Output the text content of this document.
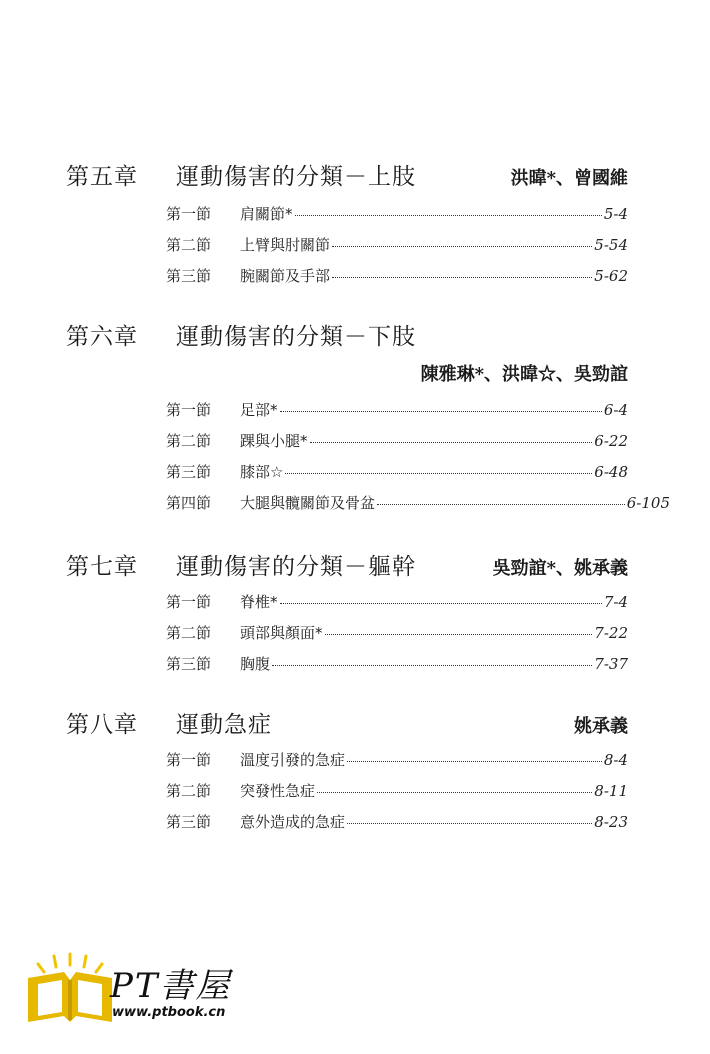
第五章 運動傷害的分類－上肢	洪暐*、曾國維
第一節 肩關節*	5-4
第二節 上臂與肘關節	5-54
第三節 腕關節及手部	5-62
第六章 運動傷害的分類－下肢
陳雅琳*、洪暐☆、吳勁誼
第一節 足部*	6-4
第二節 踝與小腿*	6-22
第三節 膝部☆	6-48
第四節 大腿與髖關節及骨盆	6-105
第七章 運動傷害的分類－軀幹	吳勁誼*、姚承義
第一節 脊椎*	7-4
第二節 頭部與顏面*	7-22
第三節 胸腹	7-37
第八章 運動急症	姚承義
第一節 溫度引發的急症	8-4
第二節 突發性急症	8-11
第三節 意外造成的急症	8-23
PT書屋
www.ptbook.cn
